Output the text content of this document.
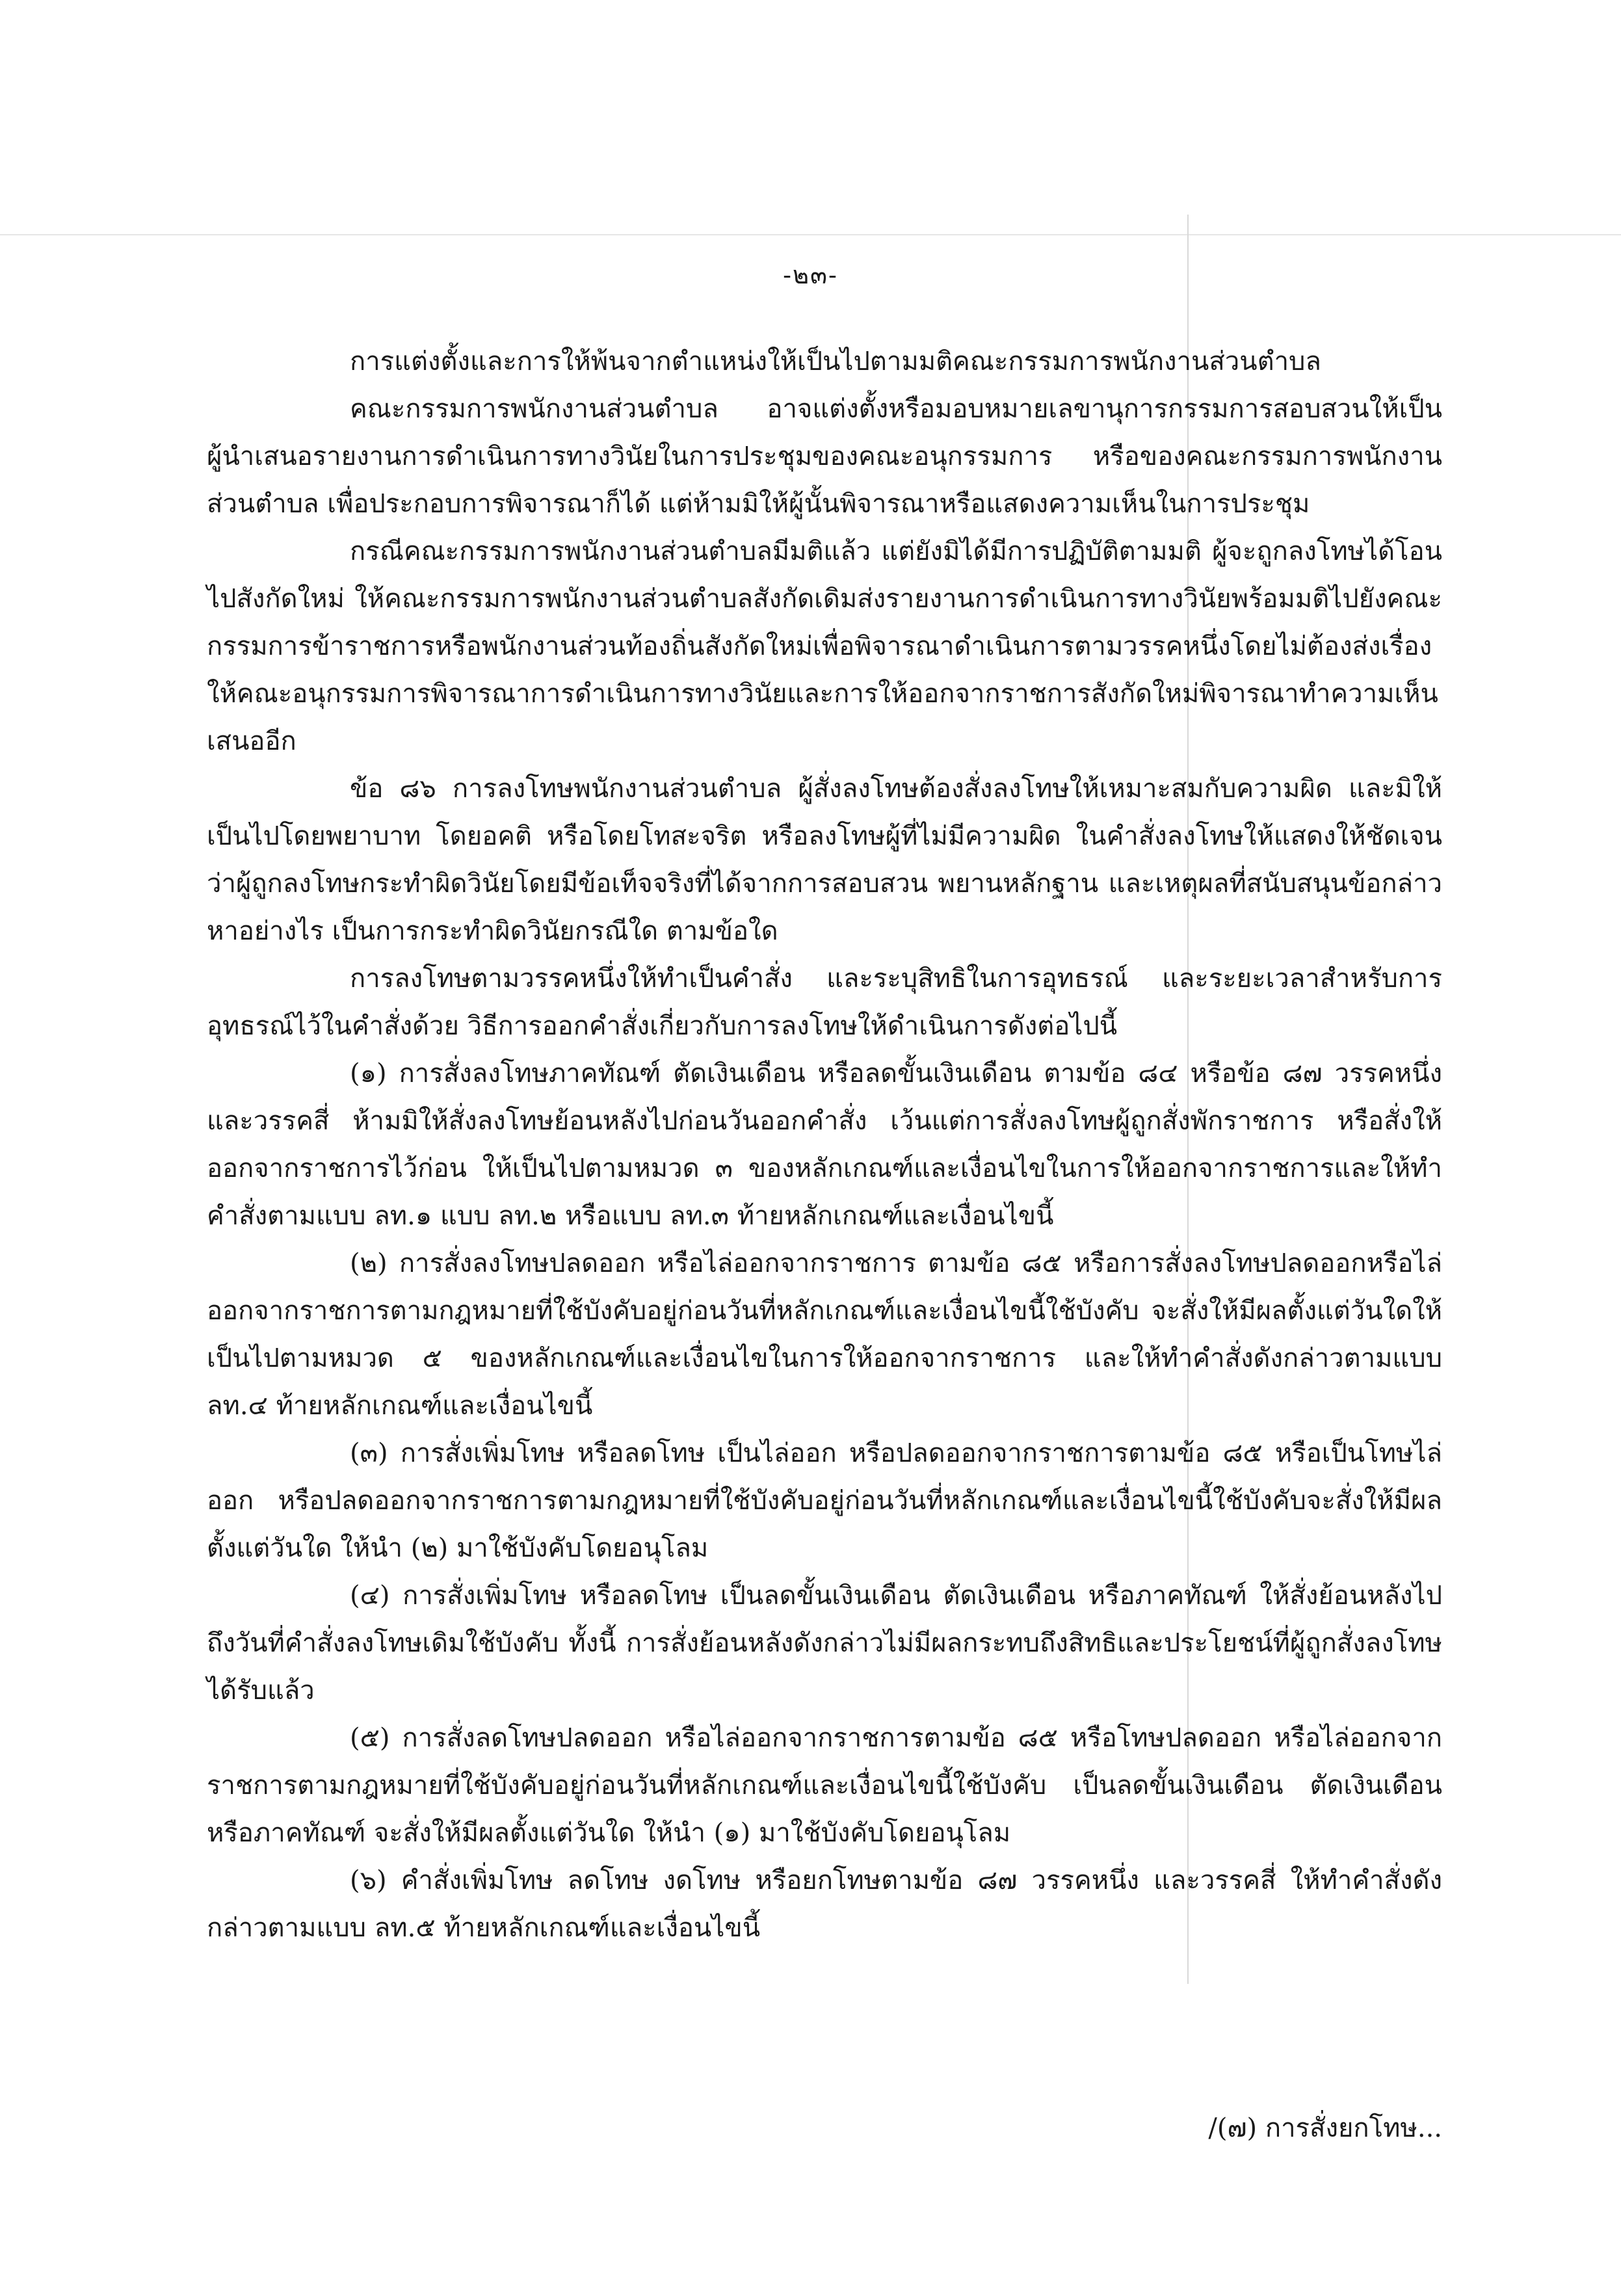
-๒๓-

การแต่งตั้งและการให้พ้นจากตำแหน่งให้เป็นไปตามมติคณะกรรมการพนักงานส่วนตำบล

คณะกรรมการพนักงานส่วนตำบล อาจแต่งตั้งหรือมอบหมายเลขานุการกรรมการสอบสวนให้เป็นผู้นำเสนอรายงานการดำเนินการทางวินัยในการประชุมของคณะอนุกรรมการ หรือของคณะกรรมการพนักงานส่วนตำบล เพื่อประกอบการพิจารณาก็ได้ แต่ห้ามมิให้ผู้นั้นพิจารณาหรือแสดงความเห็นในการประชุม

กรณีคณะกรรมการพนักงานส่วนตำบลมีมติแล้ว แต่ยังมิได้มีการปฏิบัติตามมติ ผู้จะถูกลงโทษได้โอนไปสังกัดใหม่ ให้คณะกรรมการพนักงานส่วนตำบลสังกัดเดิมส่งรายงานการดำเนินการทางวินัยพร้อมมติไปยังคณะกรรมการข้าราชการหรือพนักงานส่วนท้องถิ่นสังกัดใหม่เพื่อพิจารณาดำเนินการตามวรรคหนึ่งโดยไม่ต้องส่งเรื่องให้คณะอนุกรรมการพิจารณาการดำเนินการทางวินัยและการให้ออกจากราชการสังกัดใหม่พิจารณาทำความเห็นเสนออีก

ข้อ ๘๖ การลงโทษพนักงานส่วนตำบล ผู้สั่งลงโทษต้องสั่งลงโทษให้เหมาะสมกับความผิด และมิให้เป็นไปโดยพยาบาท โดยอคติ หรือโดยโทสะจริต หรือลงโทษผู้ที่ไม่มีความผิด ในคำสั่งลงโทษให้แสดงให้ชัดเจนว่าผู้ถูกลงโทษกระทำผิดวินัยโดยมีข้อเท็จจริงที่ได้จากการสอบสวน พยานหลักฐาน และเหตุผลที่สนับสนุนข้อกล่าวหาอย่างไร เป็นการกระทำผิดวินัยกรณีใด ตามข้อใด

การลงโทษตามวรรคหนึ่งให้ทำเป็นคำสั่ง และระบุสิทธิในการอุทธรณ์ และระยะเวลาสำหรับการอุทธรณ์ไว้ในคำสั่งด้วย วิธีการออกคำสั่งเกี่ยวกับการลงโทษให้ดำเนินการดังต่อไปนี้

(๑) การสั่งลงโทษภาคทัณฑ์ ตัดเงินเดือน หรือลดขั้นเงินเดือน ตามข้อ ๘๔ หรือข้อ ๘๗ วรรคหนึ่งและวรรคสี่ ห้ามมิให้สั่งลงโทษย้อนหลังไปก่อนวันออกคำสั่ง เว้นแต่การสั่งลงโทษผู้ถูกสั่งพักราชการ หรือสั่งให้ออกจากราชการไว้ก่อน ให้เป็นไปตามหมวด ๓ ของหลักเกณฑ์และเงื่อนไขในการให้ออกจากราชการและให้ทำคำสั่งตามแบบ ลท.๑ แบบ ลท.๒ หรือแบบ ลท.๓ ท้ายหลักเกณฑ์และเงื่อนไขนี้

(๒) การสั่งลงโทษปลดออก หรือไล่ออกจากราชการ ตามข้อ ๘๕ หรือการสั่งลงโทษปลดออกหรือไล่ออกจากราชการตามกฎหมายที่ใช้บังคับอยู่ก่อนวันที่หลักเกณฑ์และเงื่อนไขนี้ใช้บังคับ จะสั่งให้มีผลตั้งแต่วันใดให้เป็นไปตามหมวด ๕ ของหลักเกณฑ์และเงื่อนไขในการให้ออกจากราชการ และให้ทำคำสั่งดังกล่าวตามแบบ ลท.๔ ท้ายหลักเกณฑ์และเงื่อนไขนี้

(๓) การสั่งเพิ่มโทษ หรือลดโทษ เป็นไล่ออก หรือปลดออกจากราชการตามข้อ ๘๕ หรือเป็นโทษไล่ออก หรือปลดออกจากราชการตามกฎหมายที่ใช้บังคับอยู่ก่อนวันที่หลักเกณฑ์และเงื่อนไขนี้ใช้บังคับจะสั่งให้มีผลตั้งแต่วันใด ให้นำ (๒) มาใช้บังคับโดยอนุโลม

(๔) การสั่งเพิ่มโทษ หรือลดโทษ เป็นลดขั้นเงินเดือน ตัดเงินเดือน หรือภาคทัณฑ์ ให้สั่งย้อนหลังไปถึงวันที่คำสั่งลงโทษเดิมใช้บังคับ ทั้งนี้ การสั่งย้อนหลังดังกล่าวไม่มีผลกระทบถึงสิทธิและประโยชน์ที่ผู้ถูกสั่งลงโทษได้รับแล้ว

(๕) การสั่งลดโทษปลดออก หรือไล่ออกจากราชการตามข้อ ๘๕ หรือโทษปลดออก หรือไล่ออกจากราชการตามกฎหมายที่ใช้บังคับอยู่ก่อนวันที่หลักเกณฑ์และเงื่อนไขนี้ใช้บังคับ เป็นลดขั้นเงินเดือน ตัดเงินเดือนหรือภาคทัณฑ์ จะสั่งให้มีผลตั้งแต่วันใด ให้นำ (๑) มาใช้บังคับโดยอนุโลม

(๖) คำสั่งเพิ่มโทษ ลดโทษ งดโทษ หรือยกโทษตามข้อ ๘๗ วรรคหนึ่ง และวรรคสี่ ให้ทำคำสั่งดังกล่าวตามแบบ ลท.๕ ท้ายหลักเกณฑ์และเงื่อนไขนี้

/(๗) การสั่งยกโทษ...
